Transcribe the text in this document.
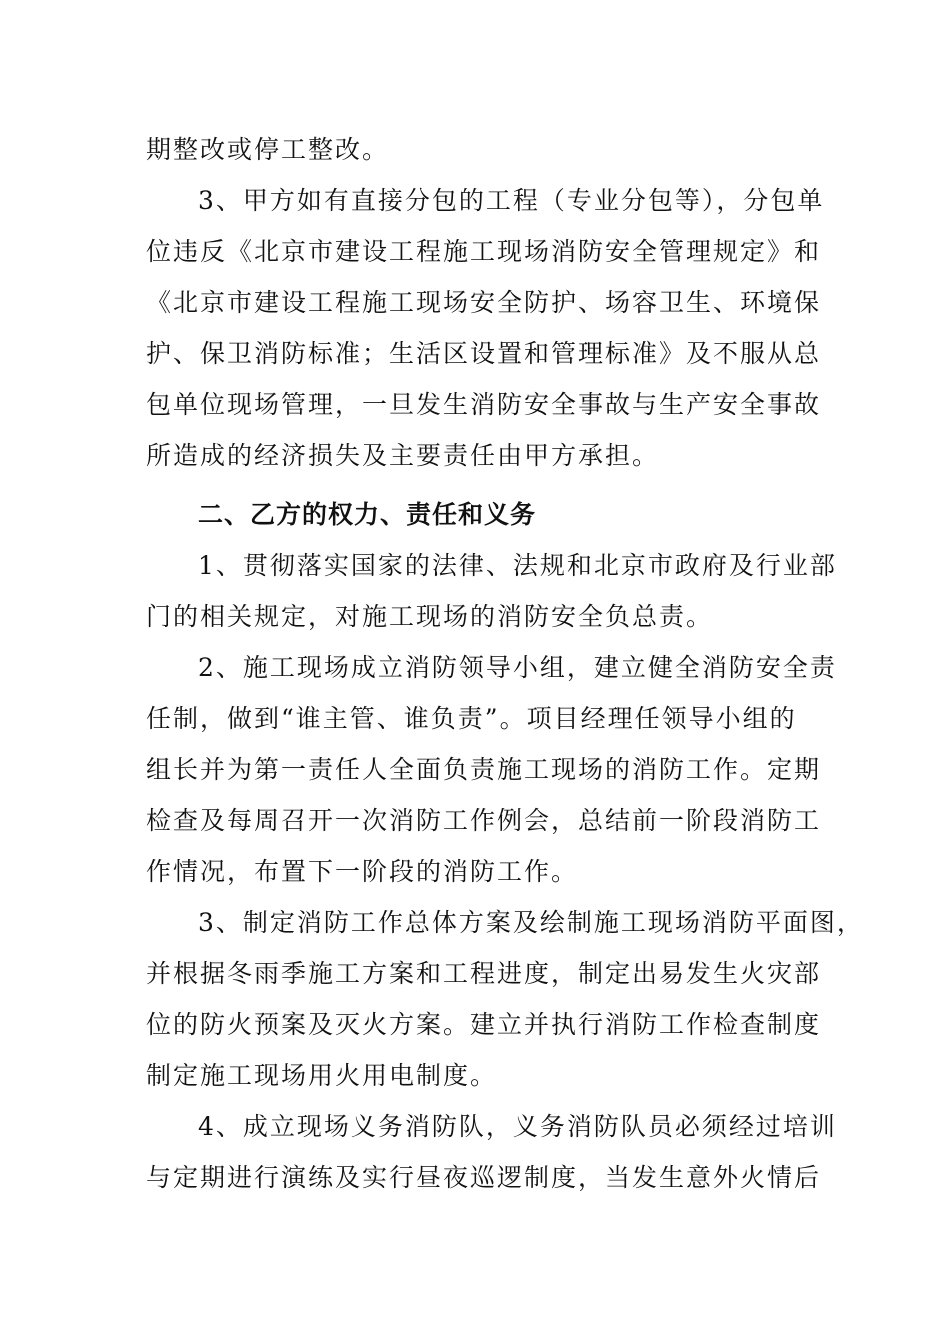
期整改或停工整改。
3、甲方如有直接分包的工程（专业分包等），分包单
位违反《北京市建设工程施工现场消防安全管理规定》和
《北京市建设工程施工现场安全防护、场容卫生、环境保
护、保卫消防标准；生活区设置和管理标准》及不服从总
包单位现场管理，一旦发生消防安全事故与生产安全事故
所造成的经济损失及主要责任由甲方承担。
二、乙方的权力、责任和义务
1、贯彻落实国家的法律、法规和北京市政府及行业部
门的相关规定，对施工现场的消防安全负总责。
2、施工现场成立消防领导小组，建立健全消防安全责
任制，做到“谁主管、谁负责”。项目经理任领导小组的
组长并为第一责任人全面负责施工现场的消防工作。定期
检查及每周召开一次消防工作例会，总结前一阶段消防工
作情况，布置下一阶段的消防工作。
3、制定消防工作总体方案及绘制施工现场消防平面图，
并根据冬雨季施工方案和工程进度，制定出易发生火灾部
位的防火预案及灭火方案。建立并执行消防工作检查制度
制定施工现场用火用电制度。
4、成立现场义务消防队，义务消防队员必须经过培训
与定期进行演练及实行昼夜巡逻制度，当发生意外火情后
